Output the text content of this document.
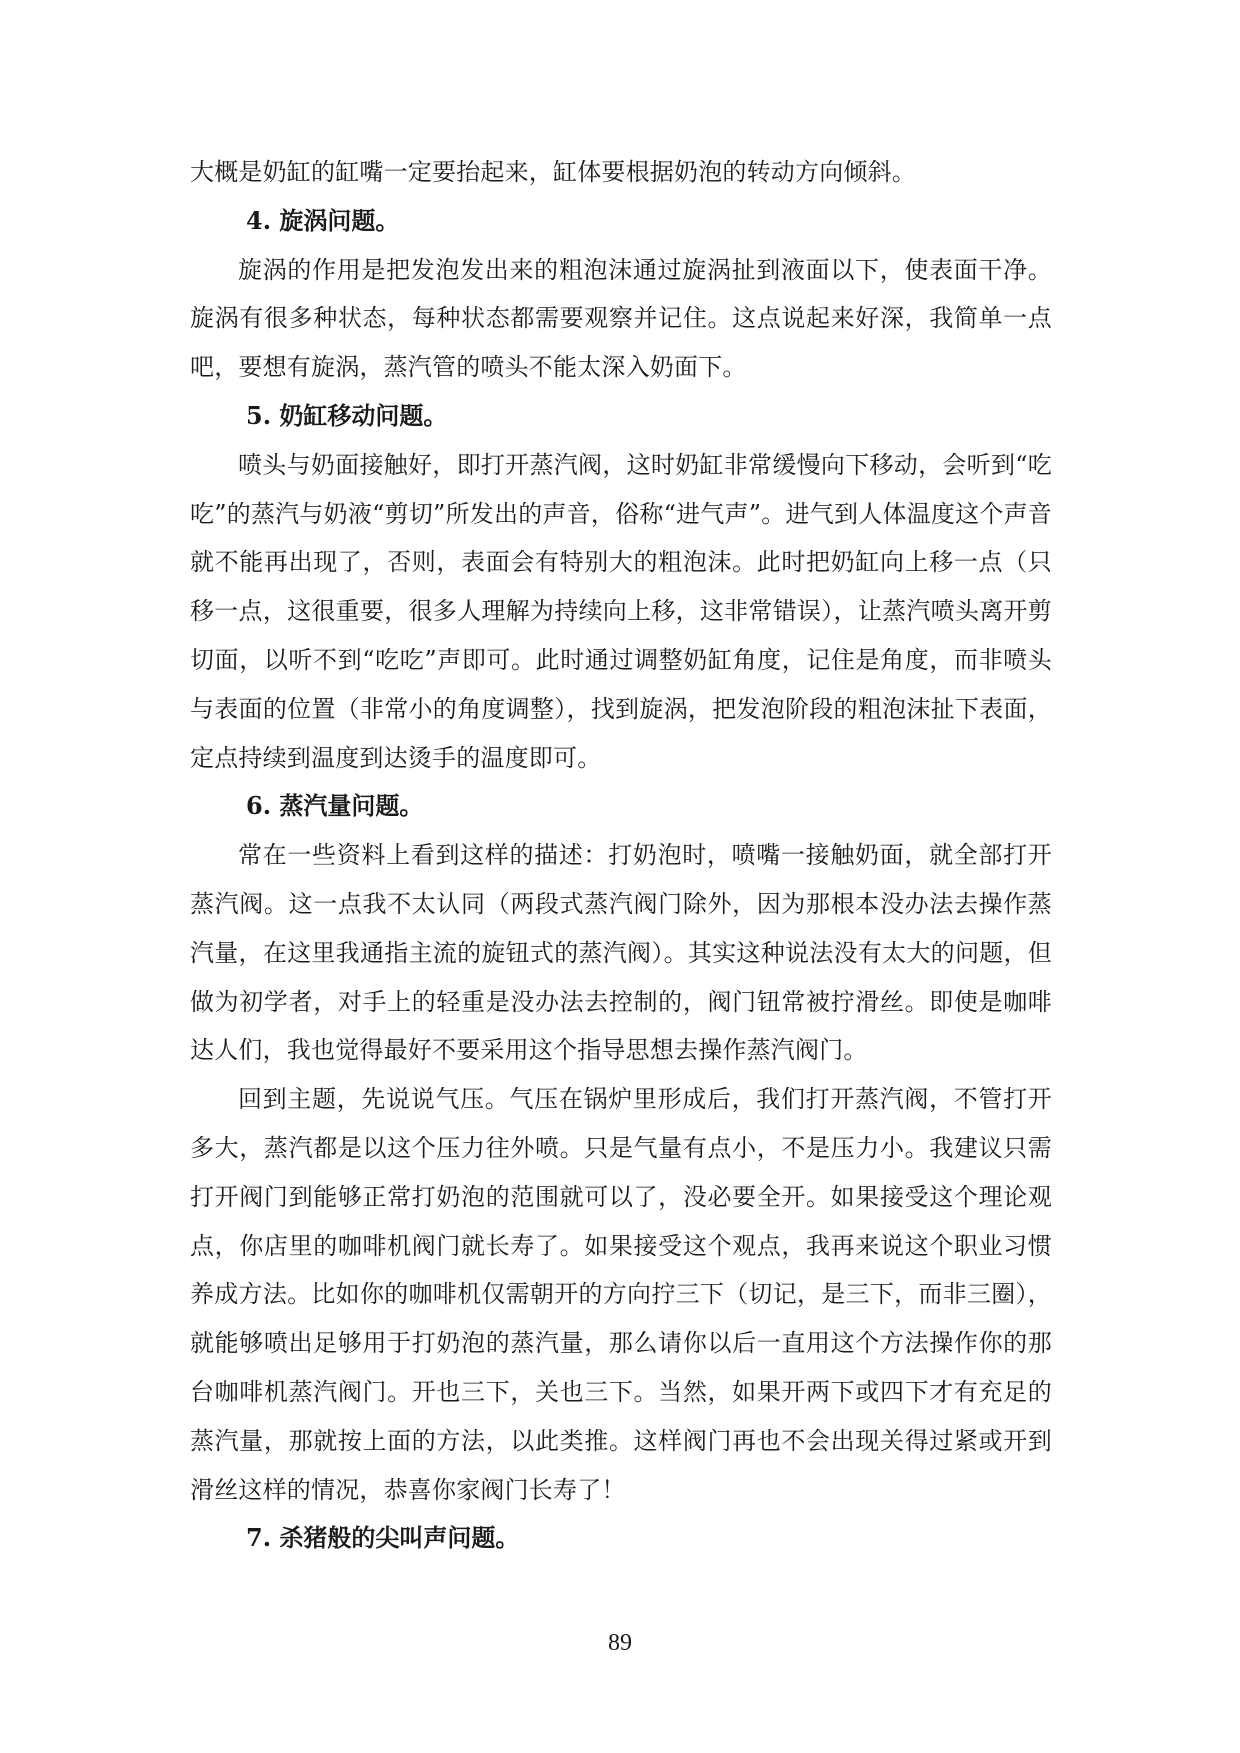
大概是奶缸的缸嘴一定要抬起来，缸体要根据奶泡的转动方向倾斜。

4. 旋涡问题。

旋涡的作用是把发泡发出来的粗泡沫通过旋涡扯到液面以下，使表面干净。旋涡有很多种状态，每种状态都需要观察并记住。这点说起来好深，我简单一点吧，要想有旋涡，蒸汽管的喷头不能太深入奶面下。

5. 奶缸移动问题。

喷头与奶面接触好，即打开蒸汽阀，这时奶缸非常缓慢向下移动，会听到“吃吃”的蒸汽与奶液“剪切”所发出的声音，俗称“进气声”。进气到人体温度这个声音就不能再出现了，否则，表面会有特别大的粗泡沫。此时把奶缸向上移一点（只移一点，这很重要，很多人理解为持续向上移，这非常错误），让蒸汽喷头离开剪切面，以听不到“吃吃”声即可。此时通过调整奶缸角度，记住是角度，而非喷头与表面的位置（非常小的角度调整），找到旋涡，把发泡阶段的粗泡沫扯下表面，定点持续到温度到达烫手的温度即可。

6. 蒸汽量问题。

常在一些资料上看到这样的描述：打奶泡时，喷嘴一接触奶面，就全部打开蒸汽阀。这一点我不太认同（两段式蒸汽阀门除外，因为那根本没办法去操作蒸汽量，在这里我通指主流的旋钮式的蒸汽阀）。其实这种说法没有太大的问题，但做为初学者，对手上的轻重是没办法去控制的，阀门钮常被拧滑丝。即使是咖啡达人们，我也觉得最好不要采用这个指导思想去操作蒸汽阀门。

回到主题，先说说气压。气压在锅炉里形成后，我们打开蒸汽阀，不管打开多大，蒸汽都是以这个压力往外喷。只是气量有点小，不是压力小。我建议只需打开阀门到能够正常打奶泡的范围就可以了，没必要全开。如果接受这个理论观点，你店里的咖啡机阀门就长寿了。如果接受这个观点，我再来说这个职业习惯养成方法。比如你的咖啡机仅需朝开的方向拧三下（切记，是三下，而非三圈），就能够喷出足够用于打奶泡的蒸汽量，那么请你以后一直用这个方法操作你的那台咖啡机蒸汽阀门。开也三下，关也三下。当然，如果开两下或四下才有充足的蒸汽量，那就按上面的方法，以此类推。这样阀门再也不会出现关得过紧或开到滑丝这样的情况，恭喜你家阀门长寿了！

7. 杀猪般的尖叫声问题。

89
